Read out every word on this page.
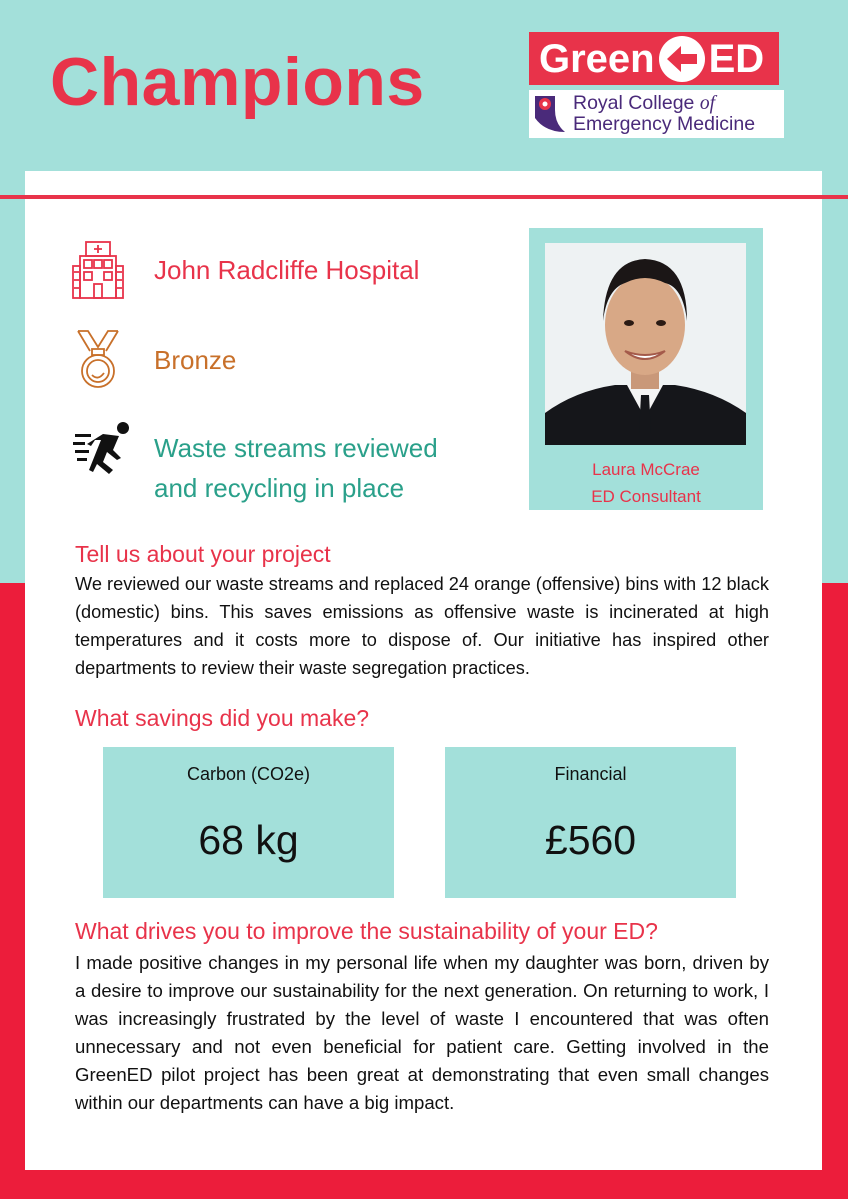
Champions	Green ED
Royal College of
Emergency Medicine
John Radcliffe Hospital
Bronze
Waste streams reviewed
and recycling in place
Laura McCrae
ED Consultant
Tell us about your project
We reviewed our waste streams and replaced 24 orange (offensive) bins with 12 black (domestic) bins. This saves emissions as offensive waste is incinerated at high temperatures and it costs more to dispose of. Our initiative has inspired other departments to review their waste segregation practices.
What savings did you make?
Carbon (CO2e)
68 kg
Financial
£560
What drives you to improve the sustainability of your ED?
I made positive changes in my personal life when my daughter was born, driven by a desire to improve our sustainability for the next generation. On returning to work, I was increasingly frustrated by the level of waste I encountered that was often unnecessary and not even beneficial for patient care. Getting involved in the GreenED pilot project has been great at demonstrating that even small changes within our departments can have a big impact.
